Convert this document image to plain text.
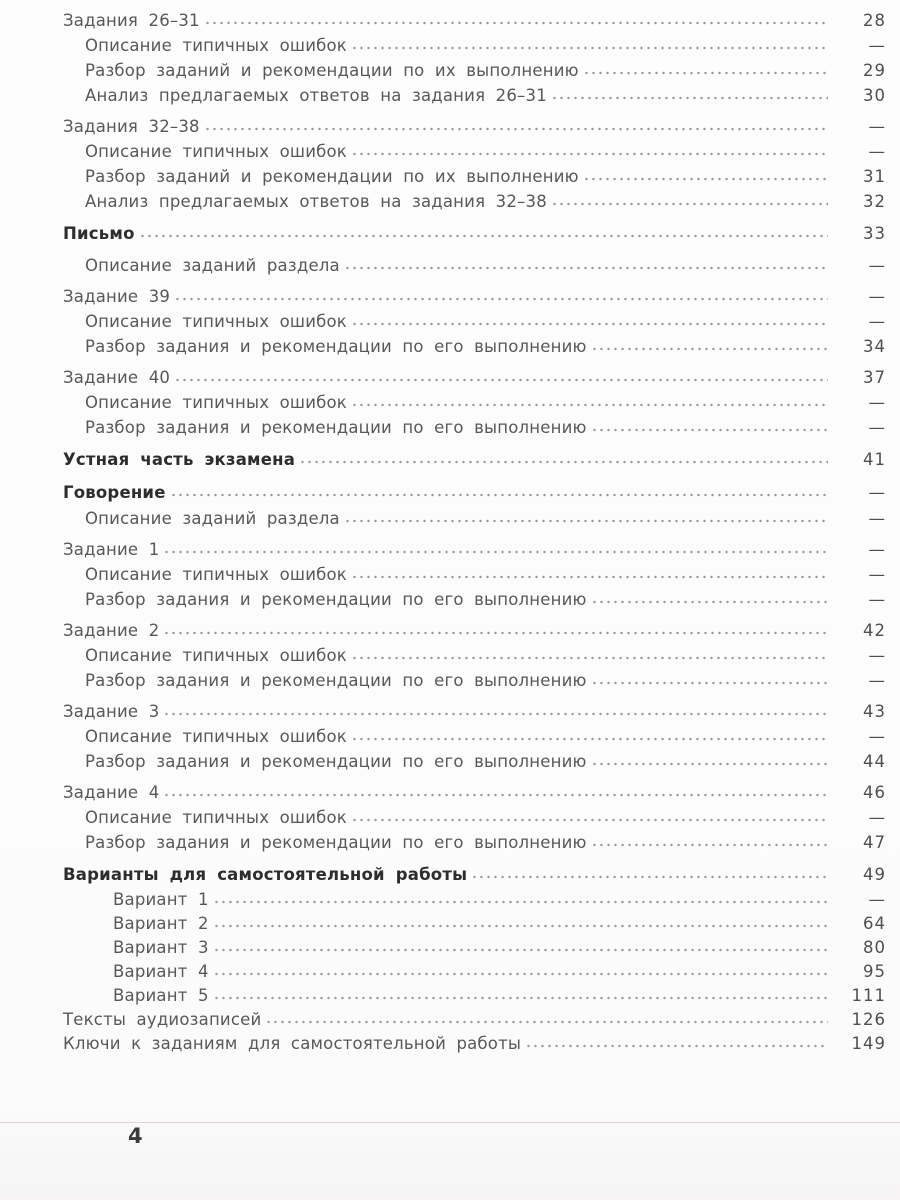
Задания 26–31	28
Описание типичных ошибок	—
Разбор заданий и рекомендации по их выполнению	29
Анализ предлагаемых ответов на задания 26–31	30
Задания 32–38	—
Описание типичных ошибок	—
Разбор заданий и рекомендации по их выполнению	31
Анализ предлагаемых ответов на задания 32–38	32
Письмо	33
Описание заданий раздела	—
Задание 39	—
Описание типичных ошибок	—
Разбор задания и рекомендации по его выполнению	34
Задание 40	37
Описание типичных ошибок	—
Разбор задания и рекомендации по его выполнению	—
Устная часть экзамена	41
Говорение	—
Описание заданий раздела	—
Задание 1	—
Описание типичных ошибок	—
Разбор задания и рекомендации по его выполнению	—
Задание 2	42
Описание типичных ошибок	—
Разбор задания и рекомендации по его выполнению	—
Задание 3	43
Описание типичных ошибок	—
Разбор задания и рекомендации по его выполнению	44
Задание 4	46
Описание типичных ошибок	—
Разбор задания и рекомендации по его выполнению	47
Варианты для самостоятельной работы	49
Вариант 1	—
Вариант 2	64
Вариант 3	80
Вариант 4	95
Вариант 5	111
Тексты аудиозаписей	126
Ключи к заданиям для самостоятельной работы	149
4
